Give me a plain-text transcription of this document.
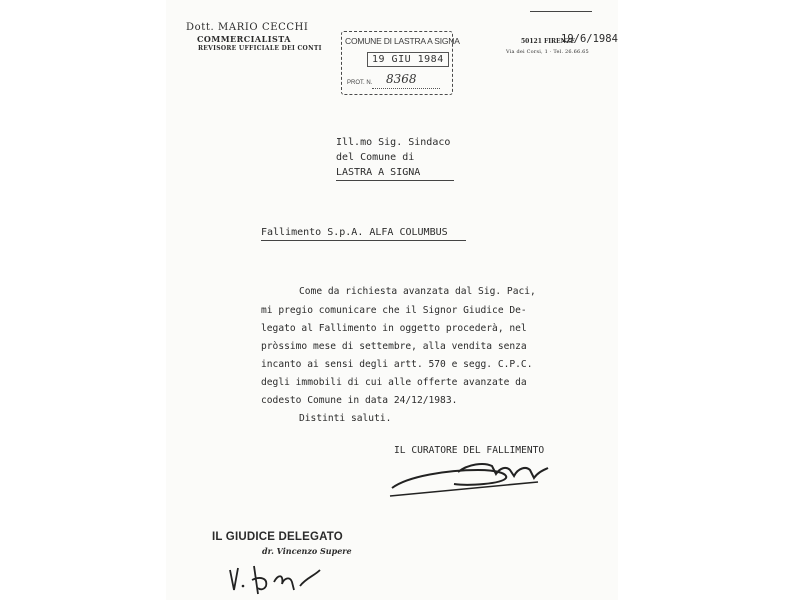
Dott. MARIO CECCHI
COMMERCIALISTA
REVISORE UFFICIALE DEI CONTI
COMUNE DI LASTRA A SIGNA
19 GIU 1984
PROT. N. 8368
50121 FIRENZE
19/6/1984
Via dei Corsi, 1 · Tel. 26.66.65
Ill.mo Sig. Sindaco
del Comune di
LASTRA A SIGNA
Fallimento S.p.A. ALFA COLUMBUS
Come da richiesta avanzata dal Sig. Paci,
mi pregio comunicare che il Signor Giudice De-
legato al Fallimento in oggetto procederà, nel
pròssimo mese di settembre, alla vendita senza
incanto ai sensi degli artt. 570 e segg. C.P.C.
degli immobili di cui alle offerte avanzate da
codesto Comune in data 24/12/1983.
Distinti saluti.
IL CURATORE DEL FALLIMENTO
IL GIUDICE DELEGATO
dr. Vincenzo Supere
